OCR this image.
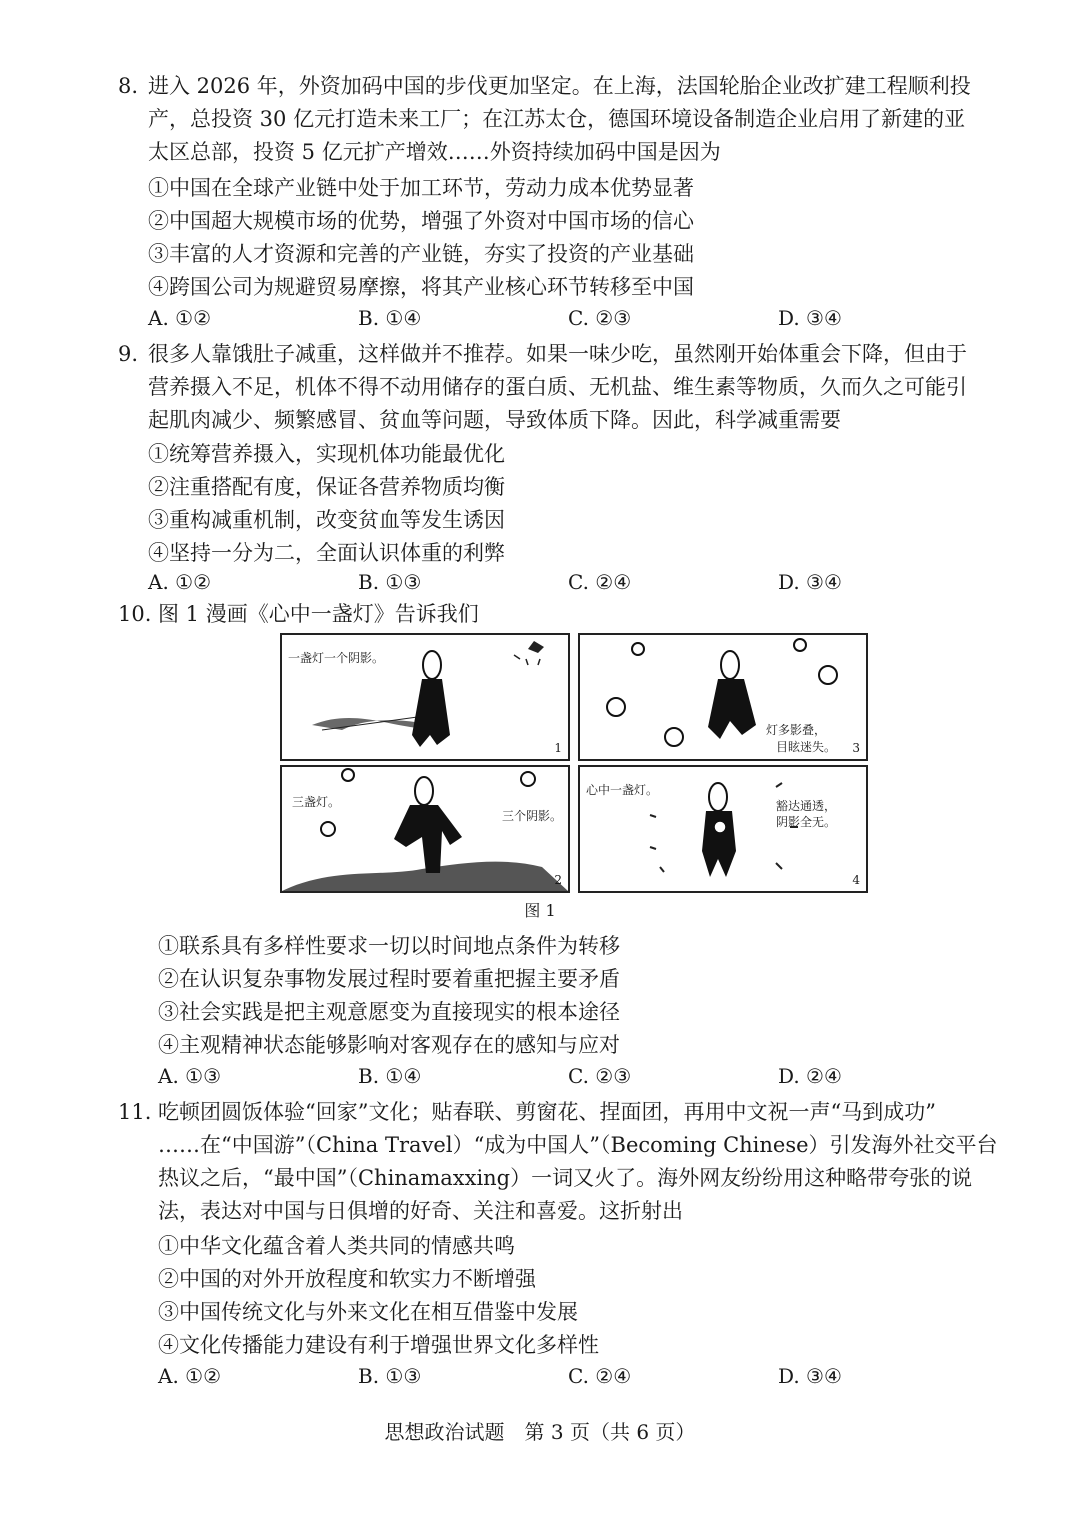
8. 进入 2026 年，外资加码中国的步伐更加坚定。在上海，法国轮胎企业改扩建工程顺利投
产，总投资 30 亿元打造未来工厂；在江苏太仓，德国环境设备制造企业启用了新建的亚
太区总部，投资 5 亿元扩产增效……外资持续加码中国是因为
①中国在全球产业链中处于加工环节，劳动力成本优势显著
②中国超大规模市场的优势，增强了外资对中国市场的信心
③丰富的人才资源和完善的产业链，夯实了投资的产业基础
④跨国公司为规避贸易摩擦，将其产业核心环节转移至中国
A. ①②	B. ①④	C. ②③	D. ③④
9. 很多人靠饿肚子减重，这样做并不推荐。如果一味少吃，虽然刚开始体重会下降，但由于
营养摄入不足，机体不得不动用储存的蛋白质、无机盐、维生素等物质，久而久之可能引
起肌肉减少、频繁感冒、贫血等问题，导致体质下降。因此，科学减重需要
①统筹营养摄入，实现机体功能最优化
②注重搭配有度，保证各营养物质均衡
③重构减重机制，改变贫血等发生诱因
④坚持一分为二，全面认识体重的利弊
A. ①②	B. ①③	C. ②④	D. ③④
10. 图 1 漫画《心中一盏灯》告诉我们
一盏灯一个阴影。
1
灯多影叠，
目眩迷失。 3
三盏灯。
三个阴影。
2
心中一盏灯。
豁达通透，
阴影全无。
4
图 1
①联系具有多样性要求一切以时间地点条件为转移
②在认识复杂事物发展过程时要着重把握主要矛盾
③社会实践是把主观意愿变为直接现实的根本途径
④主观精神状态能够影响对客观存在的感知与应对
A. ①③	B. ①④	C. ②③	D. ②④
11. 吃顿团圆饭体验“回家”文化；贴春联、剪窗花、捏面团，再用中文祝一声“马到成功”
……在“中国游”（China Travel）“成为中国人”（Becoming Chinese）引发海外社交平台
热议之后，“最中国”（Chinamaxxing）一词又火了。海外网友纷纷用这种略带夸张的说
法，表达对中国与日俱增的好奇、关注和喜爱。这折射出
①中华文化蕴含着人类共同的情感共鸣
②中国的对外开放程度和软实力不断增强
③中国传统文化与外来文化在相互借鉴中发展
④文化传播能力建设有利于增强世界文化多样性
A. ①②	B. ①③	C. ②④	D. ③④
思想政治试题　第 3 页（共 6 页）
